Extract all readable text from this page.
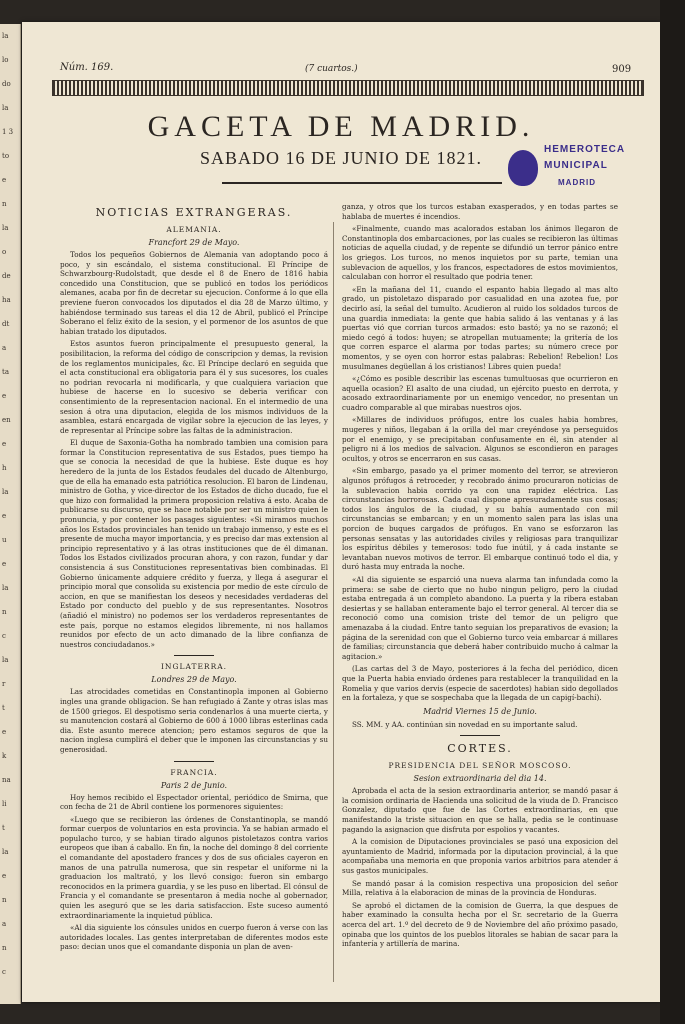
la
lo
do
la
1 3
to
e
n
la
o
de
ha
dt
a
ta
e
en
e
h
la
e
u
e
la
n
c
la
r
t
e
k
na
li
t
la
e
n
a
n
c
Núm. 169.	(7 cuartos.)	909
GACETA DE MADRID.
SABADO 16 DE JUNIO DE 1821.	HEMEROTECA
MUNICIPAL
MADRID
NOTICIAS EXTRANGERAS.
ALEMANIA.
Francfort 29 de Mayo.

Todos los pequeños Gobiernos de Alemania van adoptando poco á poco, y sin escándalo, el sistema constitucional. El Príncipe de Schwarzbourg-Rudolstadt, que desde el 8 de Enero de 1816 habia concedido una Constitucion, que se publicó en todos los periódicos alemanes, acaba por fin de decretar su ejecucion. Conforme á lo que ella previene fueron convocados los diputados el dia 28 de Marzo último, y habiéndose terminado sus tareas el dia 12 de Abril, publicó el Príncipe Soberano el feliz éxito de la sesion, y el pormenor de los asuntos de que habian tratado los diputados.

Estos asuntos fueron principalmente el presupuesto general, la posibilitacion, la reforma del código de conscripcion y demas, la revision de los reglamentos municipales, &c. El Príncipe declaró en seguida que el acta constitucional era obligatoria para él y sus sucesores, los cuales no podrian revocarla ni modificarla, y que cualquiera variacion que hubiese de hacerse en lo sucesivo se deberia verificar con consentimiento de la representacion nacional. En el intermedio de una sesion á otra una diputacion, elegida de los mismos individuos de la asamblea, estará encargada de vigilar sobre la ejecucion de las leyes, y de representar al Príncipe sobre las faltas de la administracion.

El duque de Saxonia-Gotha ha nombrado tambien una comision para formar la Constitucion representativa de sus Estados, pues tiempo ha que se conocia la necesidad de que la hubiese. Este duque es hoy heredero de la junta de los Estados feudales del ducado de Altenburgo, que de ella ha emanado esta patriótica resolucion. El baron de Lindenau, ministro de Gotha, y vice-director de los Estados de dicho ducado, fue el que hizo con formalidad la primera proposicion relativa á esto. Acaba de publicarse su discurso, que se hace notable por ser un ministro quien le pronuncia, y por contener los pasages siguientes: «Si miramos muchos años los Estados provinciales han tenido un trabajo inmenso, y este es el presente de mucha mayor importancia, y es preciso dar mas extension al principio representativo y á las otras instituciones que de él dimanan. Todos los Estados civilizados procuran ahora, y con razon, fundar y dar consistencia á sus Constituciones representativas bien combinadas. El Gobierno únicamente adquiere crédito y fuerza, y llega á asegurar el principio moral que consolida su existencia por medio de este círculo de accion, en que se manifiestan los deseos y necesidades verdaderas del Estado por conducto del pueblo y de sus representantes. Nosotros (añadió el ministro) no podemos ser los verdaderos representantes de este país, porque no estamos elegidos libremente, ni nos hallamos reunidos por efecto de un acto dimanado de la libre confianza de nuestros conciudadanos.»

INGLATERRA.
Londres 29 de Mayo.

Las atrocidades cometidas en Constantinopla imponen al Gobierno ingles una grande obligacion. Se han refugiado á Zante y otras islas mas de 1500 griegos. El despotismo seria condenarlos á una muerte cierta, y su manutencion costará al Gobierno de 600 á 1000 libras esterlinas cada dia. Este asunto merece atencion; pero estamos seguros de que la nacion inglesa cumplirá el deber que le imponen las circunstancias y su generosidad.

FRANCIA.
Paris 2 de Junio.

Hoy hemos recibido el Espectador oriental, periódico de Smirna, que con fecha de 21 de Abril contiene los pormenores siguientes:

«Luego que se recibieron las órdenes de Constantinopla, se mandó formar cuerpos de voluntarios en esta provincia. Ya se habian armado el populacho turco, y se habian tirado algunos pistoletazos contra varios europeos que iban á caballo. En fin, la noche del domingo 8 del corriente el comandante del apostadero frances y dos de sus oficiales cayeron en manos de una patrulla numerosa, que sin respetar el uniforme ni la graduacion los maltrató, y los llevó consigo: fueron sin embargo reconocidos en la primera guardia, y se les puso en libertad. El cónsul de Francia y el comandante se presentaron á media noche al gobernador, quien les aseguró que se les daria satisfaccion. Este suceso aumentó extraordinariamente la inquietud pública.

«Al dia siguiente los cónsules unidos en cuerpo fueron á verse con las autoridades locales. Las gentes interpretaban de diferentes modos este paso: decian unos que el comandante disponia un plan de aven-

ganza, y otros que los turcos estaban exasperados, y en todas partes se hablaba de muertes é incendios.

«Finalmente, cuando mas acalorados estaban los ánimos llegaron de Constantinopla dos embarcaciones, por las cuales se recibieron las últimas noticias de aquella ciudad, y de repente se difundió un terror pánico entre los griegos. Los turcos, no menos inquietos por su parte, temian una sublevacion de aquellos, y los francos, espectadores de estos movimientos, calculaban con horror el resultado que podria tener.

«En la mañana del 11, cuando el espanto habia llegado al mas alto grado, un pistoletazo disparado por casualidad en una azotea fue, por decirlo así, la señal del tumulto. Acudieron al ruido los soldados turcos de una guardia inmediata: la gente que habia salido á las ventanas y á las puertas vió que corrian turcos armados: esto bastó; ya no se razonó; el miedo cegó á todos: huyen; se atropellan mutuamente; la gritería de los que corren esparce el alarma por todas partes; su número crece por momentos, y se oyen con horror estas palabras: Rebelion! Rebelion! Los musulmanes degüellan á los cristianos! Libres quien pueda!

«¿Cómo es posible describir las escenas tumultuosas que ocurrieron en aquella ocasion? El asalto de una ciudad, un ejército puesto en derrota, y acosado extraordinariamente por un enemigo vencedor, no presentan un cuadro comparable al que mirabas nuestros ojos.

«Millares de individuos prófugos, entre los cuales habia hombres, mugeres y niños, llegaban á la orilla del mar creyéndose ya perseguidos por el enemigo, y se precipitaban confusamente en él, sin atender al peligro ni á los medios de salvacion. Algunos se escondieron en parages ocultos, y otros se encerraron en sus casas.

«Sin embargo, pasado ya el primer momento del terror, se atrevieron algunos prófugos á retroceder, y recobrado ánimo procuraron noticias de la sublevacion habia corrido ya con una rapidez eléctrica. Las circunstancias horrorosas. Cada cual dispone apresuradamente sus cosas; todos los ángulos de la ciudad, y su bahía aumentado con mil circunstancias se embarcan; y en un momento salen para las islas una porcion de buques cargados de prófugos. En vano se esforzaron las personas sensatas y las autoridades civiles y religiosas para tranquilizar los espíritus débiles y temerosos: todo fue inútil, y á cada instante se levantaban nuevos motivos de terror. El embarque continuó todo el dia, y duró hasta muy entrada la noche.

«Al dia siguiente se esparció una nueva alarma tan infundada como la primera: se sabe de cierto que no hubo ningun peligro, pero la ciudad estaba entregada á un completo abandono. La puerta y la ribera estaban desiertas y se hallaban enteramente bajo el terror general. Al tercer dia se reconoció como una comision triste del temor de un peligro que amenazaba á la ciudad. Entre tanto seguian los preparativos de evasion; la página de la serenidad con que el Gobierno turco veia embarcar á millares de familias; circunstancia que deberá haber contribuido mucho á calmar la agitacion.»

(Las cartas del 3 de Mayo, posteriores á la fecha del periódico, dicen que la Puerta habia enviado órdenes para restablecer la tranquilidad en la Romelia y que varios dervis (especie de sacerdotes) habian sido degollados en la fortaleza, y que se sospechaba que la llegada de un capigí-bachí).

Madrid Viernes 15 de Junio.

SS. MM. y AA. continúan sin novedad en su importante salud.

CORTES.
PRESIDENCIA DEL SEÑOR MOSCOSO.
Sesion extraordinaria del dia 14.

Aprobada el acta de la sesion extraordinaria anterior, se mandó pasar á la comision ordinaria de Hacienda una solicitud de la viuda de D. Francisco Gonzalez, diputado que fue de las Cortes extraordinarias, en que manifestando la triste situacion en que se halla, pedia se le continuase pagando la asignacion que disfruta por espolios y vacantes.

A la comision de Diputaciones provinciales se pasó una exposicion del ayuntamiento de Madrid, informada por la diputacion provincial, á la que acompañaba una memoria en que proponia varios arbitrios para atender á sus gastos municipales.

Se mandó pasar á la comision respectiva una proposicion del señor Milla, relativa á la elaboracion de minas de la provincia de Honduras.

Se aprobó el dictamen de la comision de Guerra, la que despues de haber examinado la consulta hecha por el Sr. secretario de la Guerra acerca del art. 1.º del decreto de 9 de Noviembre del año próximo pasado, opinaba que los quintos de los pueblos litorales se habian de sacar para la infantería y artillería de marina.
